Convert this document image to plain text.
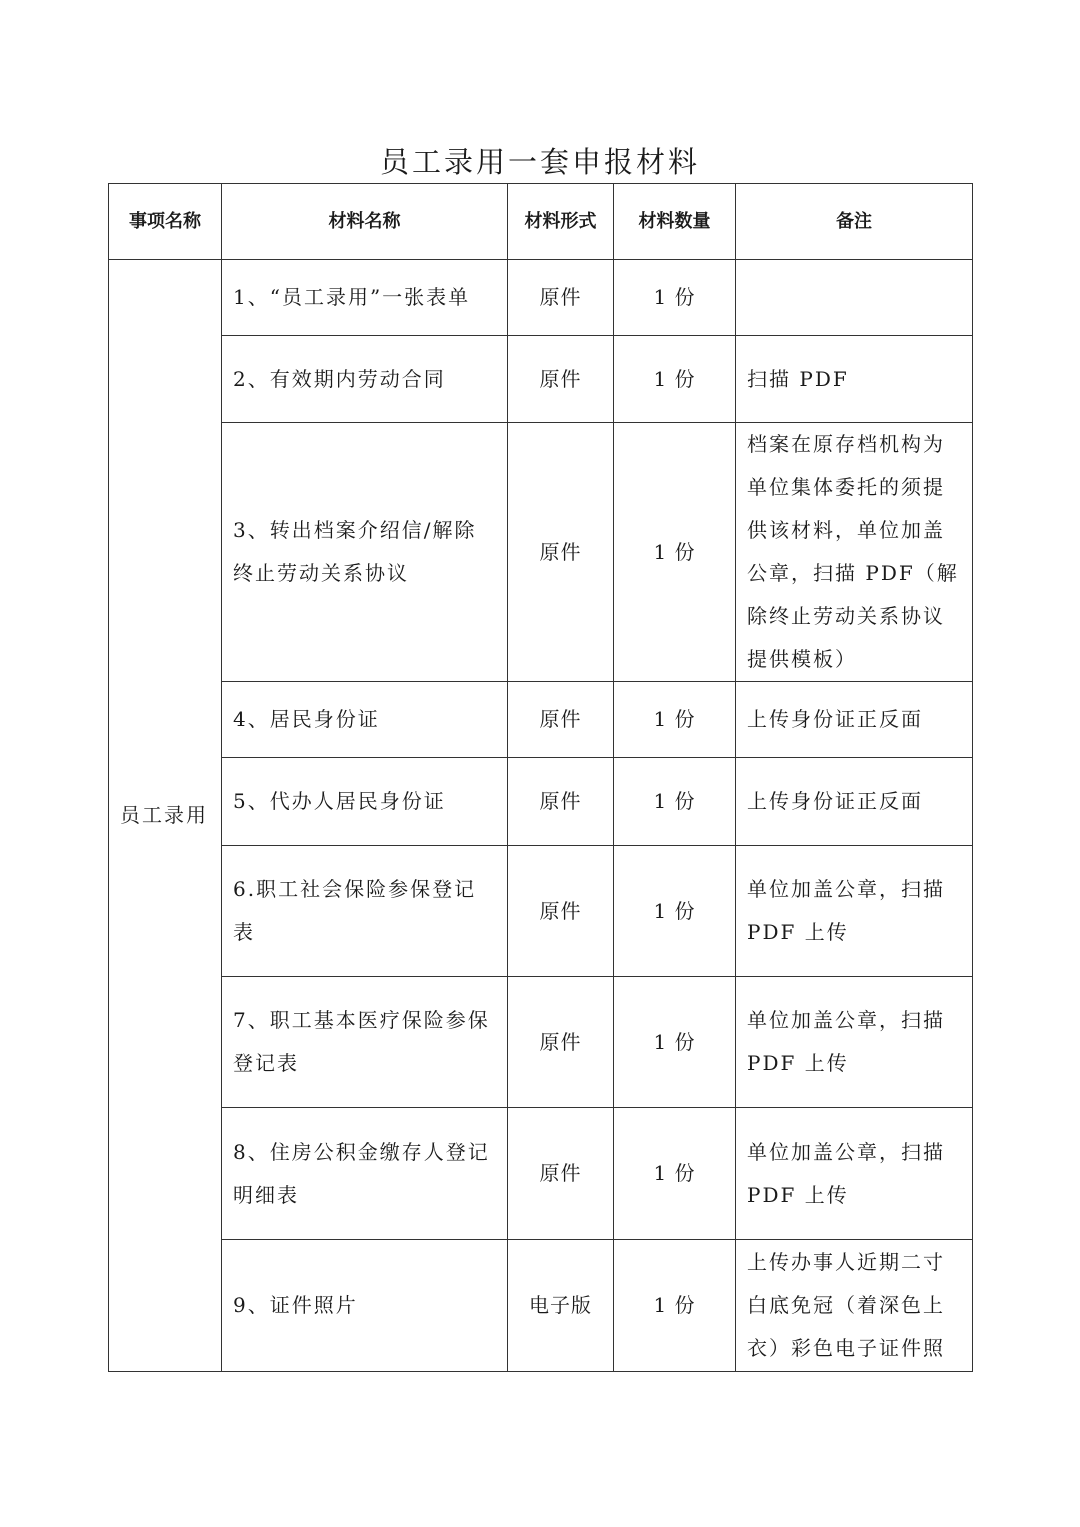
员工录用一套申报材料
事项名称	材料名称	材料形式	材料数量	备注
员工录用	1、“员工录用”一张表单	原件	1 份	
	2、有效期内劳动合同	原件	1 份	扫描 PDF
	3、转出档案介绍信/解除终止劳动关系协议	原件	1 份	档案在原存档机构为单位集体委托的须提供该材料，单位加盖公章，扫描 PDF（解除终止劳动关系协议提供模板）
	4、居民身份证	原件	1 份	上传身份证正反面
	5、代办人居民身份证	原件	1 份	上传身份证正反面
	6.职工社会保险参保登记表	原件	1 份	单位加盖公章，扫描 PDF 上传
	7、职工基本医疗保险参保登记表	原件	1 份	单位加盖公章，扫描 PDF 上传
	8、住房公积金缴存人登记明细表	原件	1 份	单位加盖公章，扫描 PDF 上传
	9、证件照片	电子版	1 份	上传办事人近期二寸白底免冠（着深色上衣）彩色电子证件照
